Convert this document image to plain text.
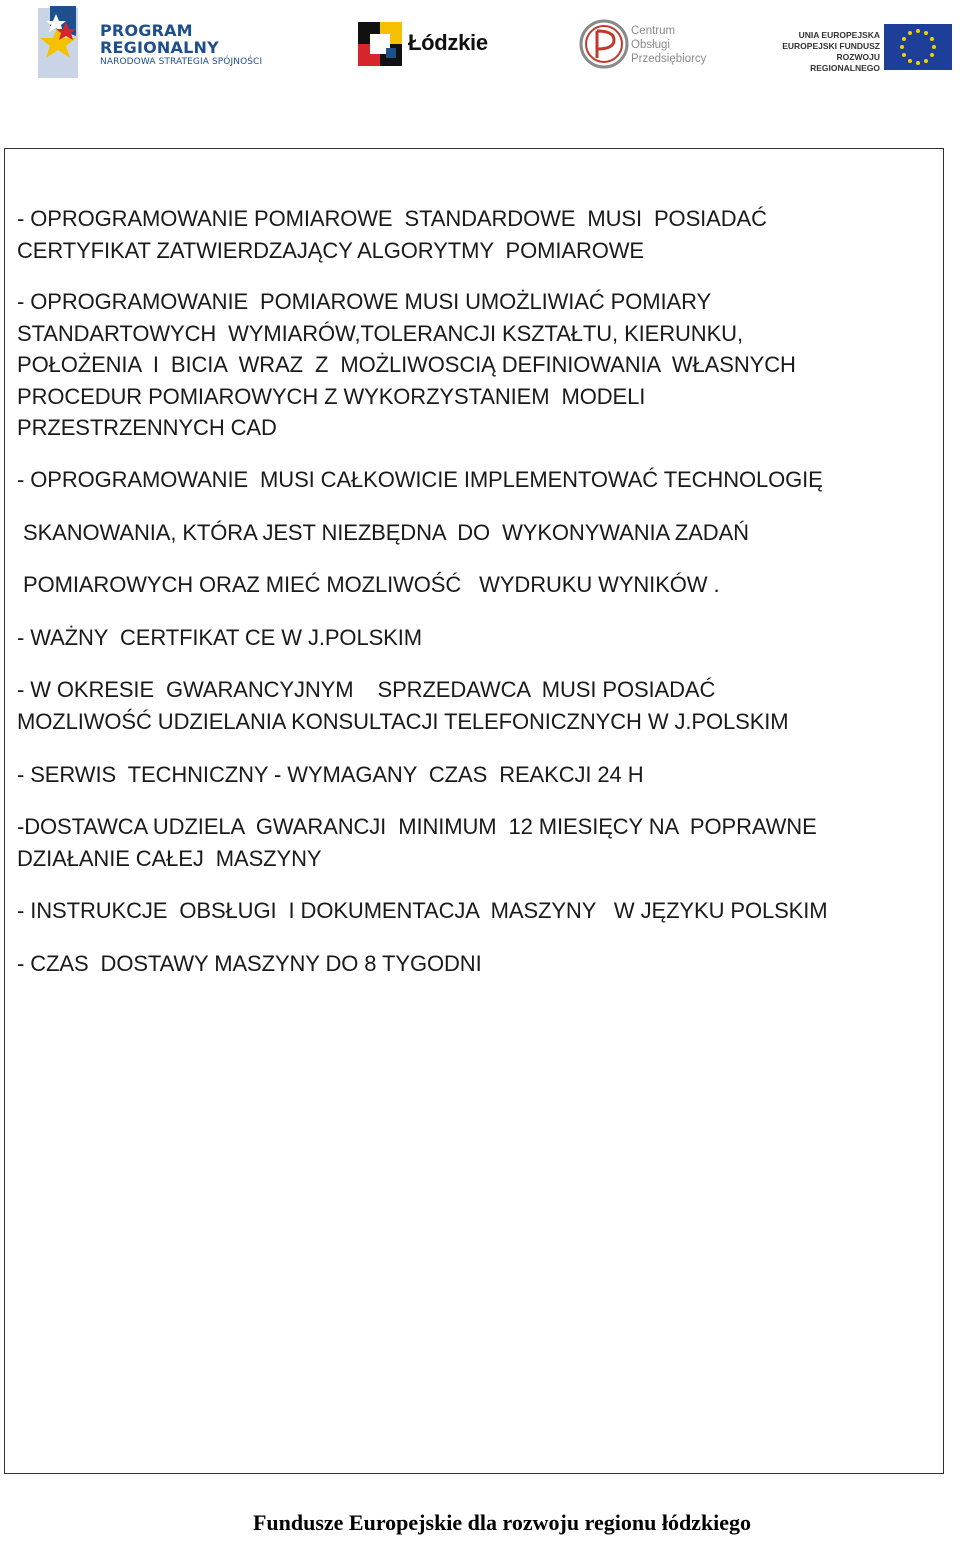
PROGRAM
REGIONALNY
NARODOWA STRATEGIA SPÓJNOŚCI
Łódzkie	Centrum
Obsługi
Przedsiębiorcy
UNIA EUROPEJSKA
EUROPEJSKI FUNDUSZ
ROZWOJU REGIONALNEGO

- OPROGRAMOWANIE POMIAROWE  STANDARDOWE  MUSI  POSIADAĆ
CERTYFIKAT ZATWIERDZAJĄCY ALGORYTMY  POMIAROWE

- OPROGRAMOWANIE  POMIAROWE MUSI UMOŻLIWIAĆ POMIARY
STANDARTOWYCH  WYMIARÓW,TOLERANCJI KSZTAŁTU, KIERUNKU,
POŁOŻENIA  I  BICIA  WRAZ  Z  MOŻLIWOSCIĄ DEFINIOWANIA  WŁASNYCH
PROCEDUR POMIAROWYCH Z WYKORZYSTANIEM  MODELI
PRZESTRZENNYCH CAD

- OPROGRAMOWANIE  MUSI CAŁKOWICIE IMPLEMENTOWAĆ TECHNOLOGIĘ

SKANOWANIA, KTÓRA JEST NIEZBĘDNA  DO  WYKONYWANIA ZADAŃ

POMIAROWYCH ORAZ MIEĆ MOZLIWOŚĆ   WYDRUKU WYNIKÓW .

- WAŻNY  CERTFIKAT CE W J.POLSKIM

- W OKRESIE  GWARANCYJNYM    SPRZEDAWCA  MUSI POSIADAĆ
MOZLIWOŚĆ UDZIELANIA KONSULTACJI TELEFONICZNYCH W J.POLSKIM

- SERWIS  TECHNICZNY - WYMAGANY  CZAS  REAKCJI 24 H

-DOSTAWCA UDZIELA  GWARANCJI  MINIMUM  12 MIESIĘCY NA  POPRAWNE
DZIAŁANIE CAŁEJ  MASZYNY

- INSTRUKCJE  OBSŁUGI  I DOKUMENTACJA  MASZYNY   W JĘZYKU POLSKIM

- CZAS  DOSTAWY MASZYNY DO 8 TYGODNI

Fundusze Europejskie dla rozwoju regionu łódzkiego
